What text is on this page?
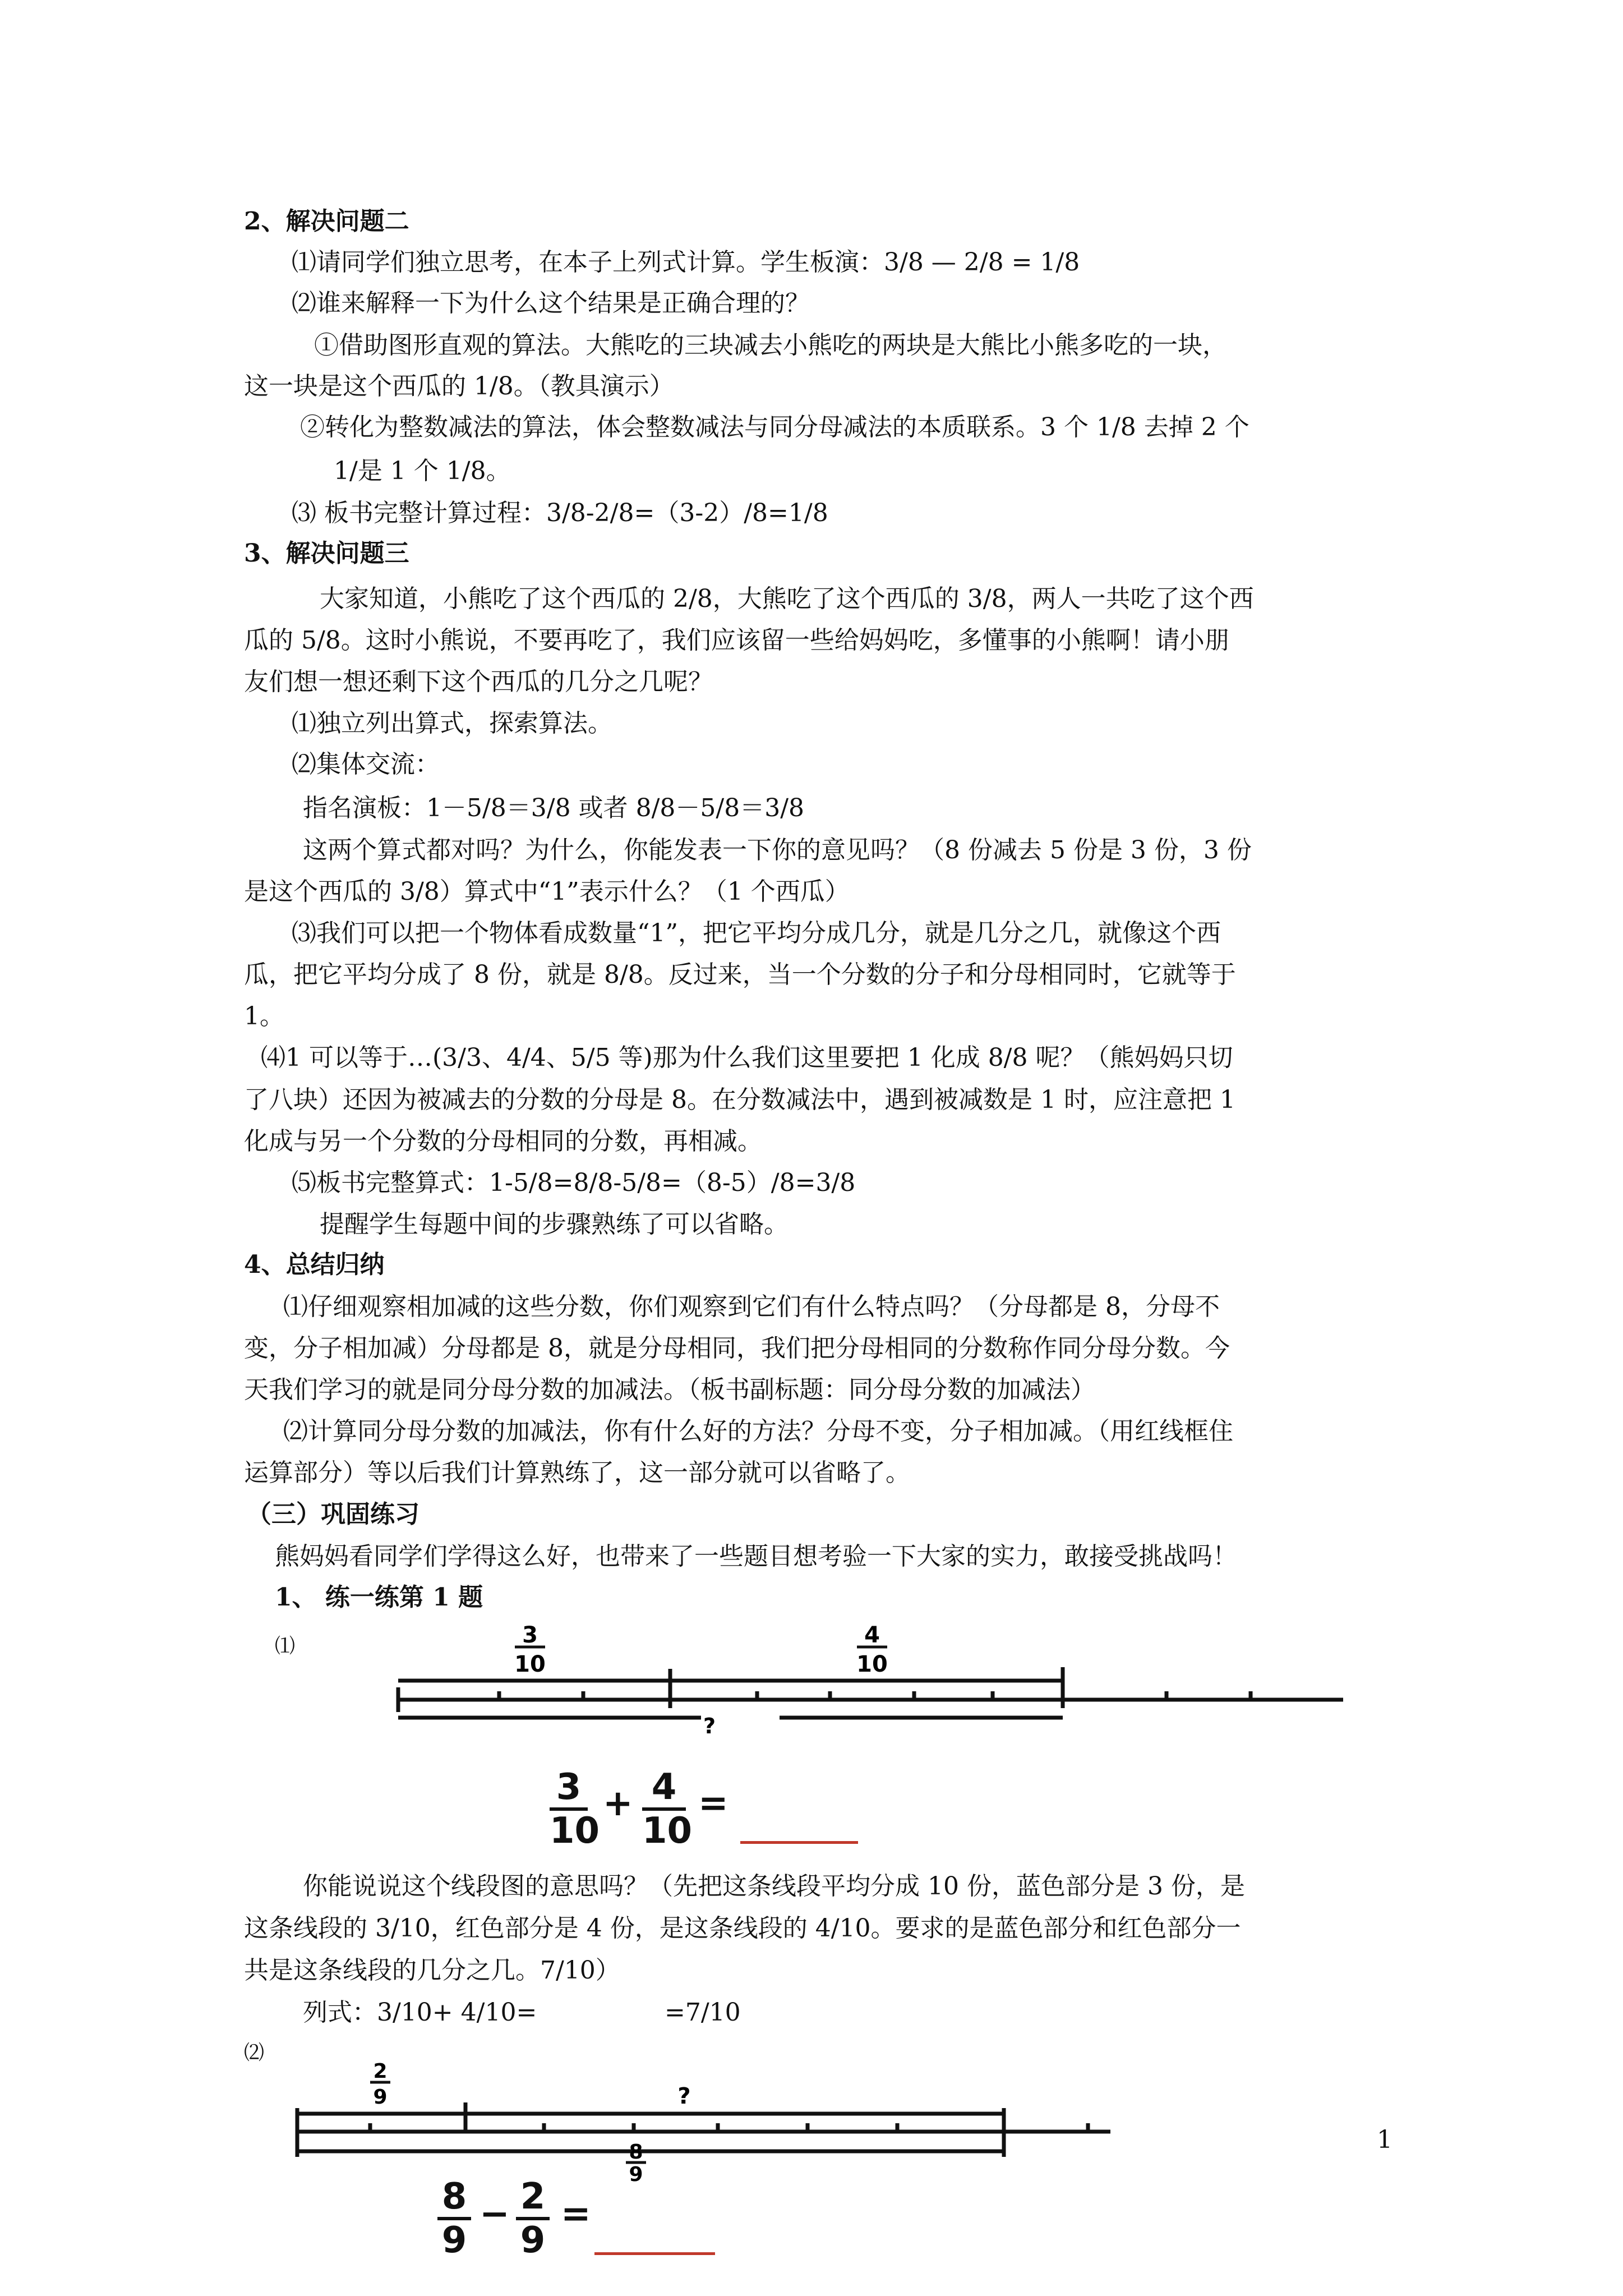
2、解决问题二
⑴请同学们独立思考，在本子上列式计算。学生板演：3/8 — 2/8 = 1/8
⑵谁来解释一下为什么这个结果是正确合理的？
①借助图形直观的算法。大熊吃的三块减去小熊吃的两块是大熊比小熊多吃的一块，
这一块是这个西瓜的 1/8。（教具演示）
②转化为整数减法的算法，体会整数减法与同分母减法的本质联系。3 个 1/8 去掉 2 个
1/是 1 个 1/8。
⑶ 板书完整计算过程：3/8-2/8=（3-2）/8=1/8
3、解决问题三
大家知道，小熊吃了这个西瓜的 2/8，大熊吃了这个西瓜的 3/8，两人一共吃了这个西
瓜的 5/8。这时小熊说，不要再吃了，我们应该留一些给妈妈吃，多懂事的小熊啊！请小朋
友们想一想还剩下这个西瓜的几分之几呢？
⑴独立列出算式，探索算法。
⑵集体交流：
指名演板：1－5/8＝3/8 或者 8/8－5/8＝3/8
这两个算式都对吗？为什么，你能发表一下你的意见吗？（8 份减去 5 份是 3 份，3 份
是这个西瓜的 3/8）算式中“1”表示什么？（1 个西瓜）
⑶我们可以把一个物体看成数量“1”，把它平均分成几分，就是几分之几，就像这个西
瓜，把它平均分成了 8 份，就是 8/8。反过来，当一个分数的分子和分母相同时，它就等于
1。
⑷1 可以等于…(3/3、4/4、5/5 等)那为什么我们这里要把 1 化成 8/8 呢？（熊妈妈只切
了八块）还因为被减去的分数的分母是 8。在分数减法中，遇到被减数是 1 时，应注意把 1
化成与另一个分数的分母相同的分数，再相减。
⑸板书完整算式：1-5/8=8/8-5/8=（8-5）/8=3/8
提醒学生每题中间的步骤熟练了可以省略。
4、总结归纳
⑴仔细观察相加减的这些分数，你们观察到它们有什么特点吗？（分母都是 8，分母不
变，分子相加减）分母都是 8，就是分母相同，我们把分母相同的分数称作同分母分数。今
天我们学习的就是同分母分数的加减法。（板书副标题：同分母分数的加减法）
⑵计算同分母分数的加减法，你有什么好的方法？分母不变，分子相加减。（用红线框住
运算部分）等以后我们计算熟练了，这一部分就可以省略了。
（三）巩固练习
熊妈妈看同学们学得这么好，也带来了一些题目想考验一下大家的实力，敢接受挑战吗！
1、 练一练第 1 题
⑴	3
10
4
10
?
3
10
+ 4
10
=
你能说说这个线段图的意思吗？（先把这条线段平均分成 10 份，蓝色部分是 3 份，是
这条线段的 3/10，红色部分是 4 份，是这条线段的 4/10。要求的是蓝色部分和红色部分一
共是这条线段的几分之几。7/10）
列式：3/10+ 4/10=	=7/10
⑵
2
9	?
8
9
1
8
9
− 2
9
=
